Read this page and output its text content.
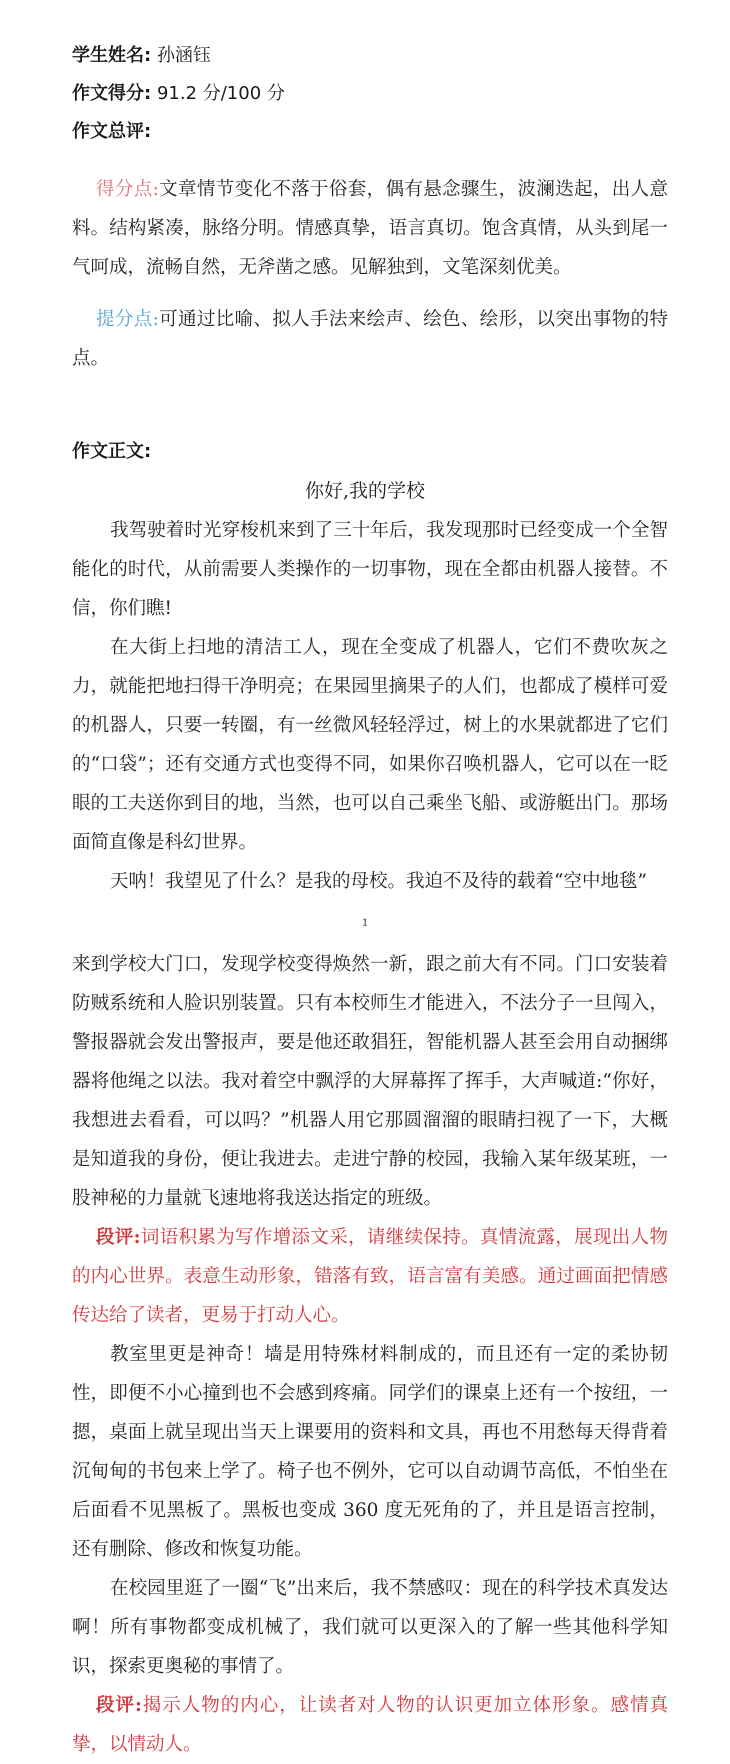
学生姓名: 孙涵钰
作文得分: 91.2 分/100 分
作文总评:

得分点:文章情节变化不落于俗套，偶有悬念骤生，波澜迭起，出人意料。结构紧凑，脉络分明。情感真挚，语言真切。饱含真情，从头到尾一气呵成，流畅自然，无斧凿之感。见解独到，文笔深刻优美。

提分点:可通过比喻、拟人手法来绘声、绘色、绘形，以突出事物的特点。

作文正文:
你好,我的学校

我驾驶着时光穿梭机来到了三十年后，我发现那时已经变成一个全智能化的时代，从前需要人类操作的一切事物，现在全都由机器人接替。不信，你们瞧!

在大街上扫地的清洁工人，现在全变成了机器人，它们不费吹灰之力，就能把地扫得干净明亮；在果园里摘果子的人们，也都成了模样可爱的机器人，只要一转圈，有一丝微风轻轻浮过，树上的水果就都进了它们的“口袋”；还有交通方式也变得不同，如果你召唤机器人，它可以在一眨眼的工夫送你到目的地，当然，也可以自己乘坐飞船、或游艇出门。那场面简直像是科幻世界。

天呐！我望见了什么？是我的母校。我迫不及待的载着“空中地毯”

1

来到学校大门口，发现学校变得焕然一新，跟之前大有不同。门口安装着防贼系统和人脸识别装置。只有本校师生才能进入，不法分子一旦闯入，警报器就会发出警报声，要是他还敢猖狂，智能机器人甚至会用自动捆绑器将他绳之以法。我对着空中飘浮的大屏幕挥了挥手，大声喊道:“你好，我想进去看看，可以吗？”机器人用它那圆溜溜的眼睛扫视了一下，大概是知道我的身份，便让我进去。走进宁静的校园，我输入某年级某班，一股神秘的力量就飞速地将我送达指定的班级。

段评:词语积累为写作增添文采，请继续保持。真情流露，展现出人物的内心世界。表意生动形象，错落有致，语言富有美感。通过画面把情感传达给了读者，更易于打动人心。

教室里更是神奇！墙是用特殊材料制成的，而且还有一定的柔协韧性，即便不小心撞到也不会感到疼痛。同学们的课桌上还有一个按纽，一摁，桌面上就呈现出当天上课要用的资料和文具，再也不用愁每天得背着沉甸甸的书包来上学了。椅子也不例外，它可以自动调节高低，不怕坐在后面看不见黑板了。黑板也变成 360 度无死角的了，并且是语言控制，还有删除、修改和恢复功能。

在校园里逛了一圈“飞”出来后，我不禁感叹：现在的科学技术真发达啊！所有事物都变成机械了，我们就可以更深入的了解一些其他科学知识，探索更奥秘的事情了。

段评:揭示人物的内心，让读者对人物的认识更加立体形象。感情真挚，以情动人。
